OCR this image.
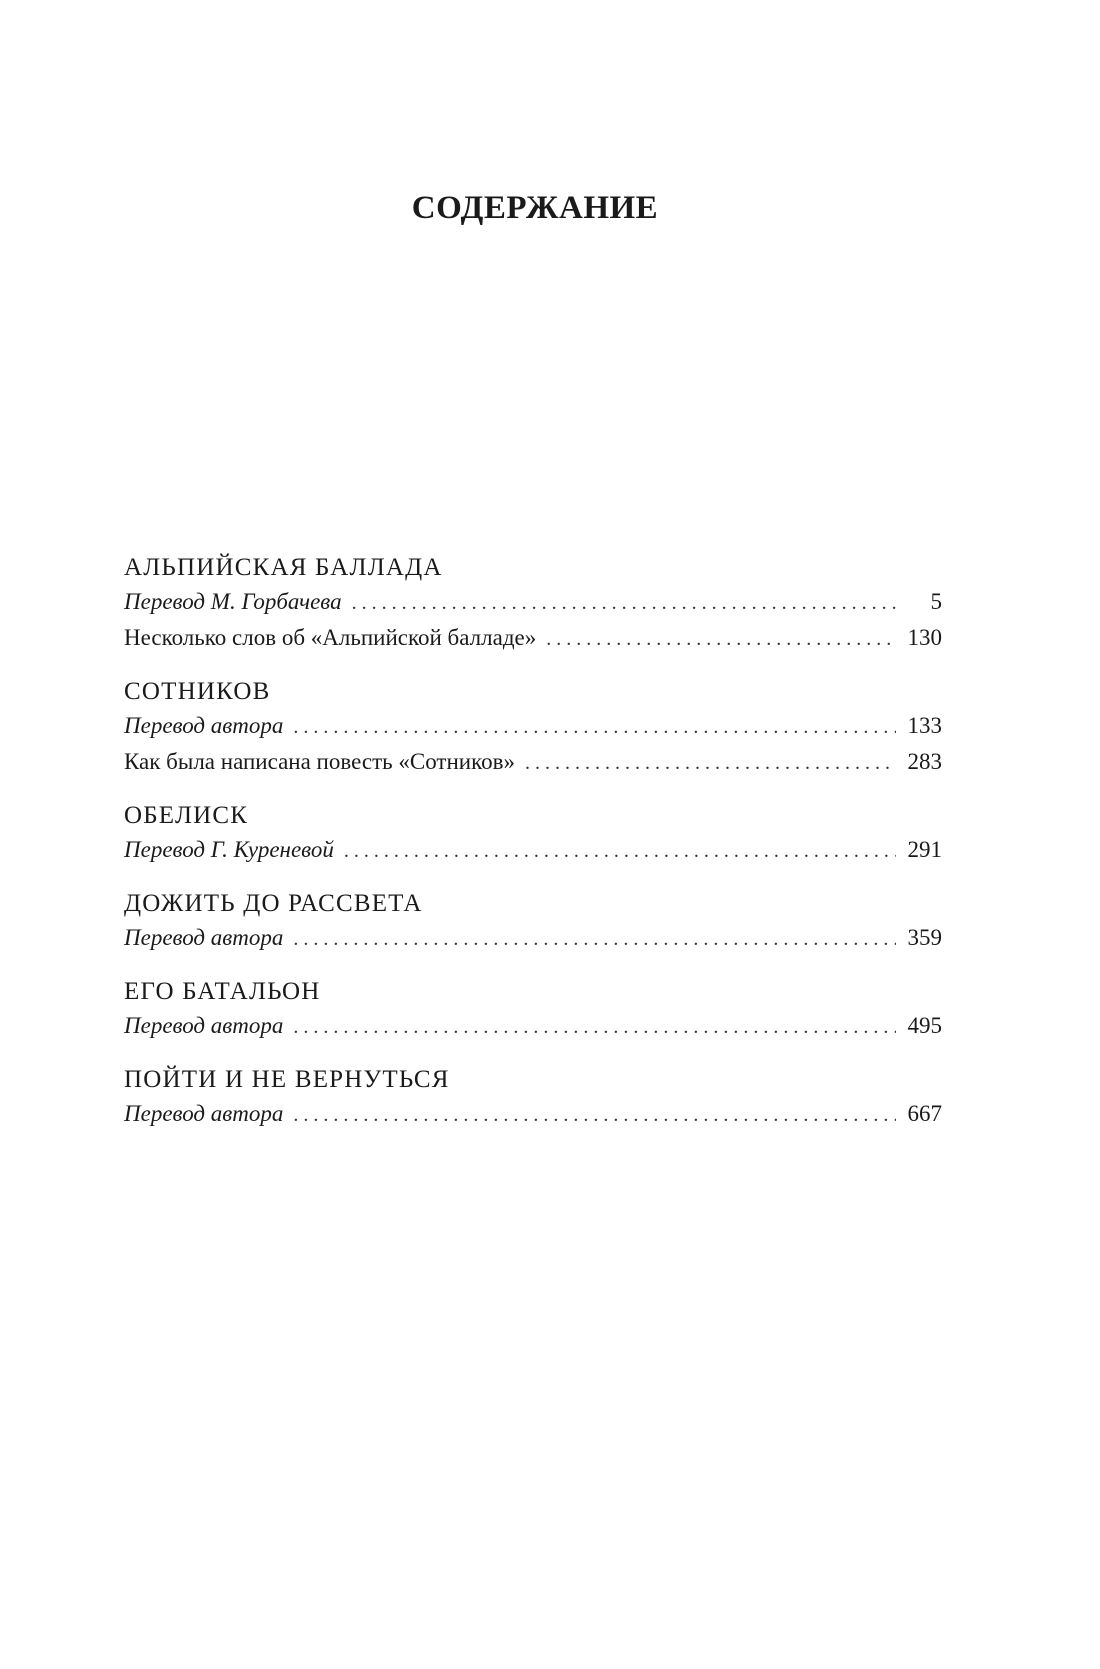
СОДЕРЖАНИЕ
АЛЬПИЙСКАЯ БАЛЛАДА
Перевод М. Горбачева . . .	5
Несколько слов об «Альпийской балладе» . . .	130
СОТНИКОВ
Перевод автора . . .	133
Как была написана повесть «Сотников» . . .	283
ОБЕЛИСК
Перевод Г. Куреневой . . .	291
ДОЖИТЬ ДО РАССВЕТА
Перевод автора . . .	359
ЕГО БАТАЛЬОН
Перевод автора . . .	495
ПОЙТИ И НЕ ВЕРНУТЬСЯ
Перевод автора . . .	667
